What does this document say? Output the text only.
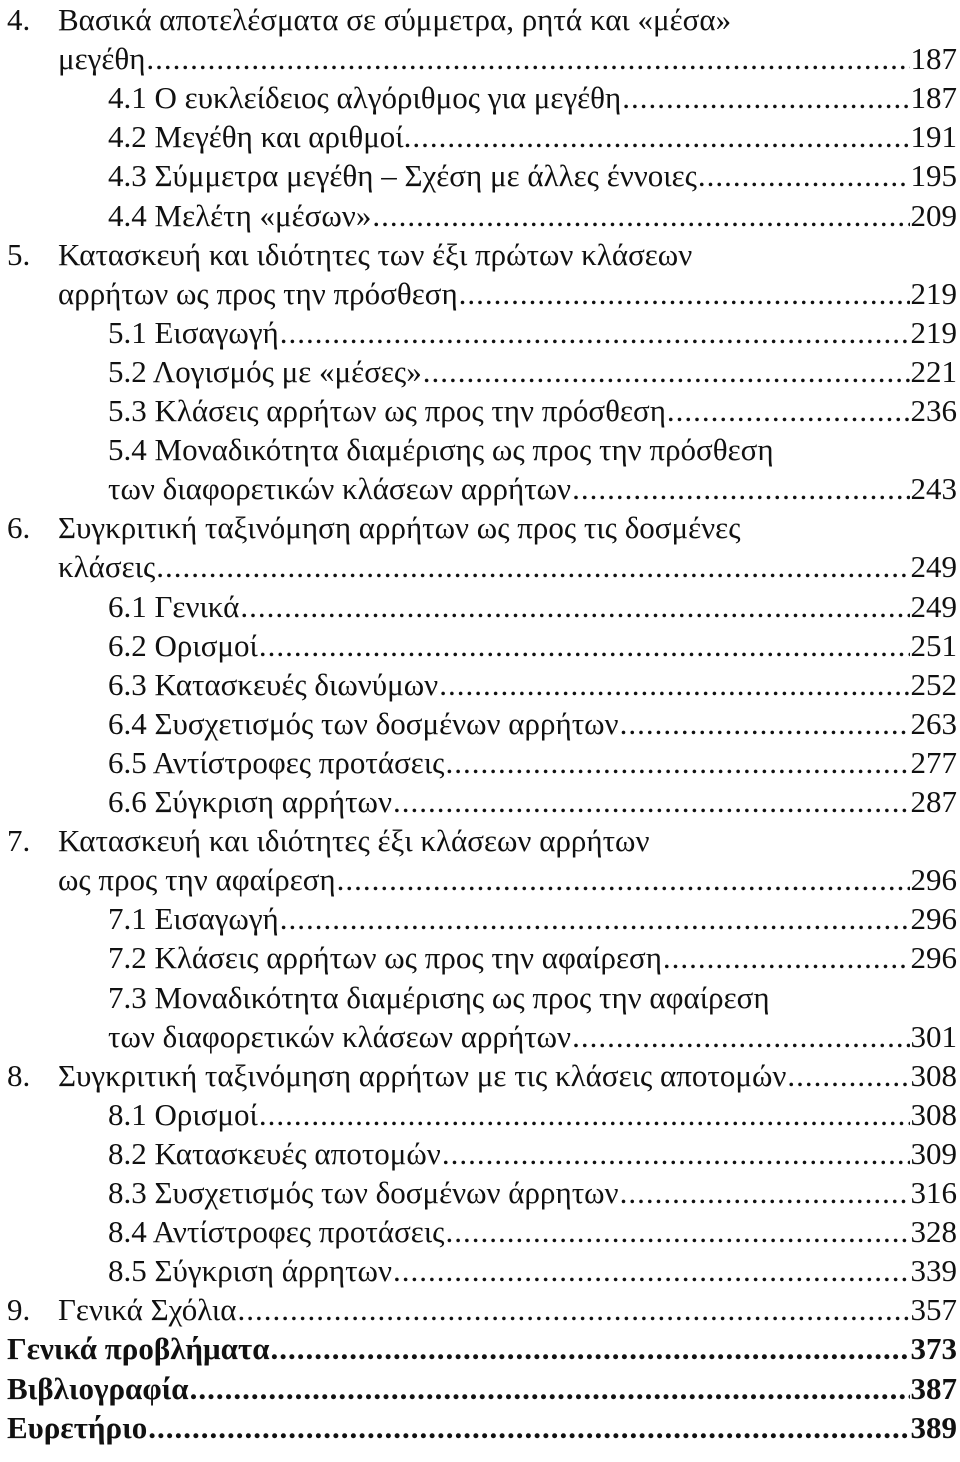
4. Βασικά αποτελέσματα σε σύμμετρα, ρητά και «μέσα»
μεγέθη .....	187
4.1 Ο ευκλείδειος αλγόριθμος για μεγέθη .....	187
4.2 Μεγέθη και αριθμοί. .....	191
4.3 Σύμμετρα μεγέθη – Σχέση με άλλες έννοιες .....	195
4.4 Μελέτη «μέσων» .....	209
5. Κατασκευή και ιδιότητες των έξι πρώτων κλάσεων
αρρήτων ως προς την πρόσθεση .....	219
5.1 Εισαγωγή .....	219
5.2 Λογισμός με «μέσες» .....	221
5.3 Κλάσεις αρρήτων ως προς την πρόσθεση .....	236
5.4 Μοναδικότητα διαμέρισης ως προς την πρόσθεση
των διαφορετικών κλάσεων αρρήτων .....	243
6. Συγκριτική ταξινόμηση αρρήτων ως προς τις δοσμένες
κλάσεις .....	249
6.1 Γενικά .....	249
6.2 Ορισμοί .....	251
6.3 Κατασκευές διωνύμων .....	252
6.4 Συσχετισμός των δοσμένων αρρήτων .....	263
6.5 Αντίστροφες προτάσεις .....	277
6.6 Σύγκριση αρρήτων .....	287
7. Κατασκευή και ιδιότητες έξι κλάσεων αρρήτων
ως προς την αφαίρεση .....	296
7.1 Εισαγωγή .....	296
7.2 Κλάσεις αρρήτων ως προς την αφαίρεση .....	296
7.3 Μοναδικότητα διαμέρισης ως προς την αφαίρεση
των διαφορετικών κλάσεων αρρήτων .....	301
8. Συγκριτική ταξινόμηση αρρήτων με τις κλάσεις αποτομών .....	308
8.1 Ορισμοί .....	308
8.2 Κατασκευές αποτομών .....	309
8.3 Συσχετισμός των δοσμένων άρρητων .....	316
8.4 Αντίστροφες προτάσεις .....	328
8.5 Σύγκριση άρρητων .....	339
9. Γενικά Σχόλια .....	357
Γενικά προβλήματα .....	373
Βιβλιογραφία .....	387
Ευρετήριο .....	389
